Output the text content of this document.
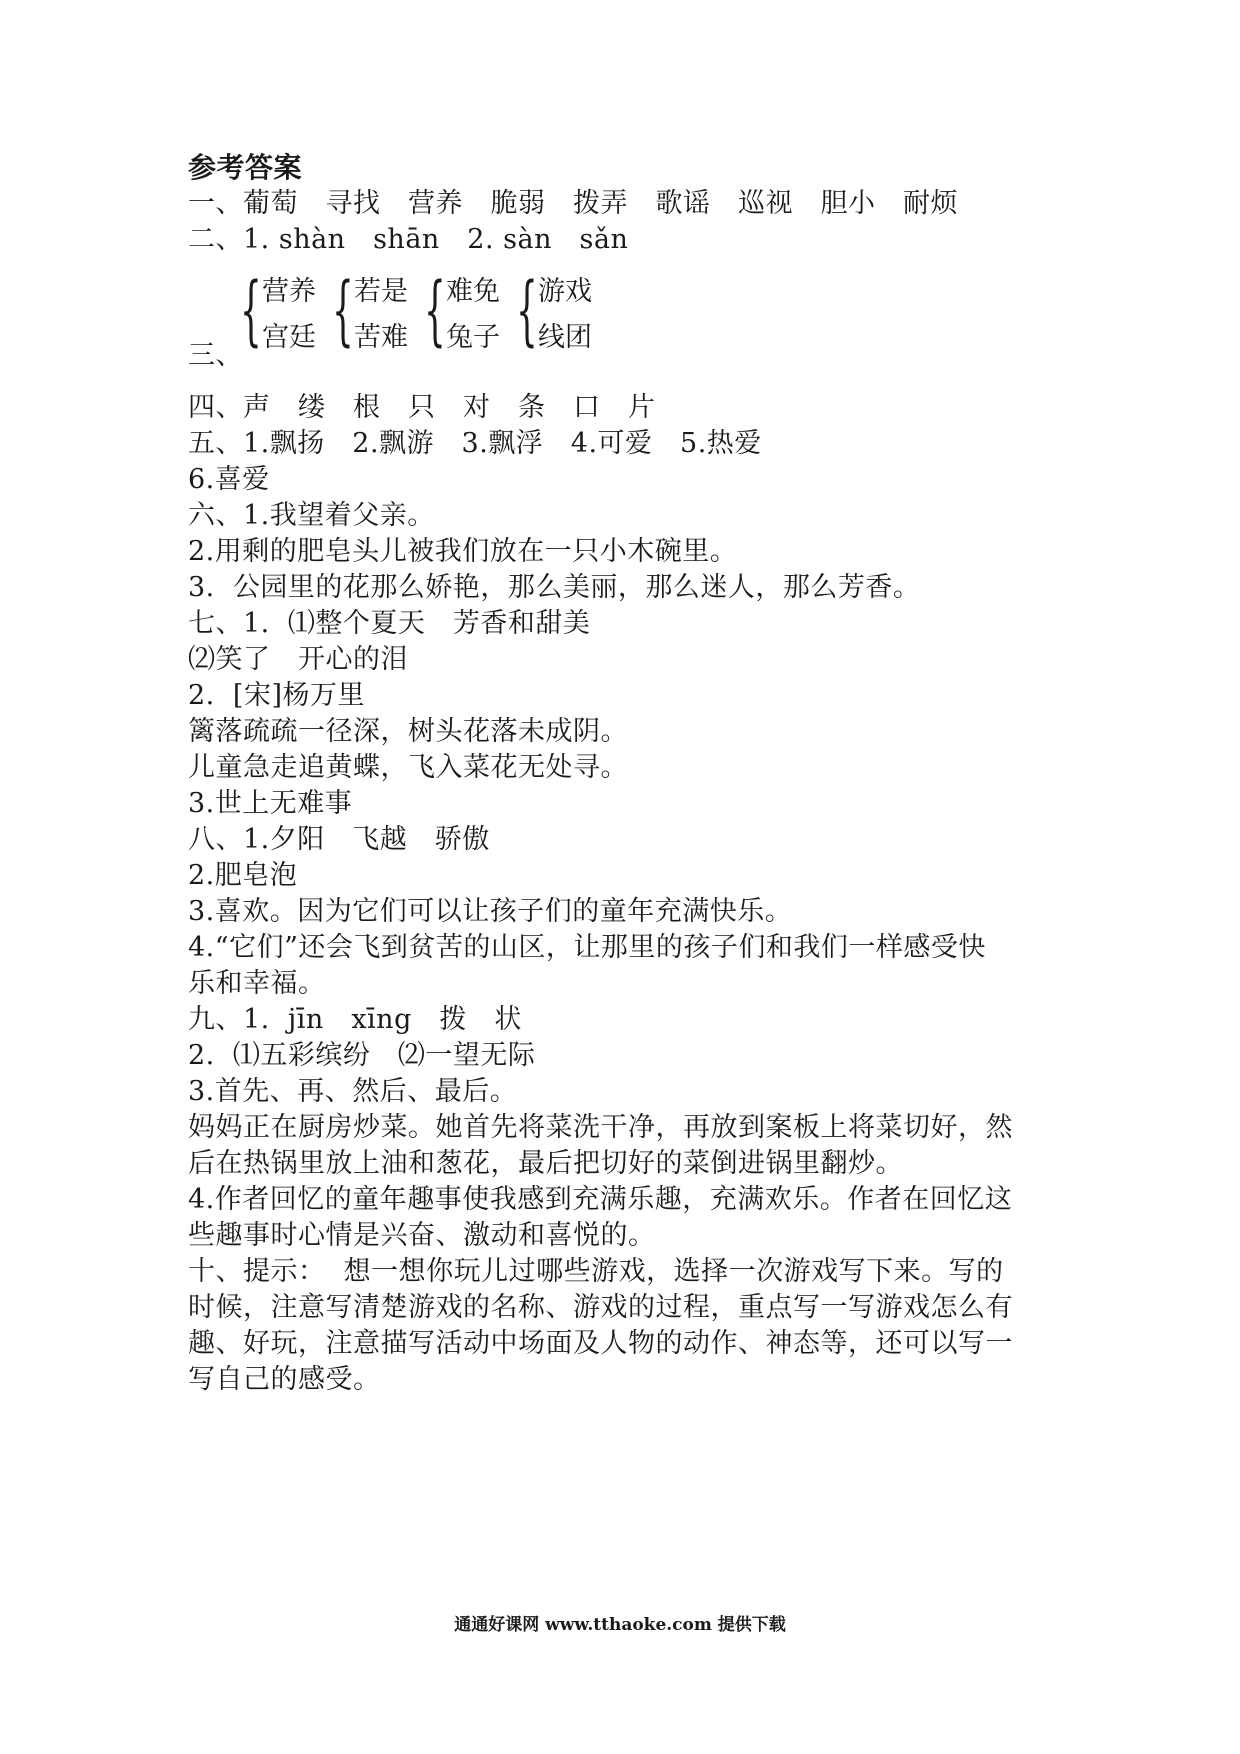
参考答案
一、葡萄　寻找　营养　脆弱　拨弄　歌谣　巡视　胆小　耐烦
二、1. shàn　shān　2. sàn　sǎn
{ 营养
宫廷 { 若是
苦难 { 难免
兔子 { 游戏
线团
三、
四、声　缕　根　只　对　条　口　片
五、1.飘扬　2.飘游　3.飘浮　4.可爱　5.热爱
6.喜爱
六、1.我望着父亲。
2.用剩的肥皂头儿被我们放在一只小木碗里。
3.  公园里的花那么娇艳，那么美丽，那么迷人，那么芳香。
七、1.  ⑴整个夏天　芳香和甜美
⑵笑了　开心的泪
2.  [宋]杨万里
篱落疏疏一径深，树头花落未成阴。
儿童急走追黄蝶，飞入菜花无处寻。
3.世上无难事
八、1.夕阳　飞越　骄傲
2.肥皂泡
3.喜欢。因为它们可以让孩子们的童年充满快乐。
4.“它们”还会飞到贫苦的山区，让那里的孩子们和我们一样感受快
乐和幸福。
九、1.  jīn　xīng　拨　状
2.  ⑴五彩缤纷　⑵一望无际
3.首先、再、然后、最后。
妈妈正在厨房炒菜。她首先将菜洗干净，再放到案板上将菜切好，然
后在热锅里放上油和葱花，最后把切好的菜倒进锅里翻炒。
4.作者回忆的童年趣事使我感到充满乐趣，充满欢乐。作者在回忆这
些趣事时心情是兴奋、激动和喜悦的。
十、提示：  想一想你玩儿过哪些游戏，选择一次游戏写下来。写的
时候，注意写清楚游戏的名称、游戏的过程，重点写一写游戏怎么有
趣、好玩，注意描写活动中场面及人物的动作、神态等，还可以写一
写自己的感受。
通通好课网 www.tthaoke.com 提供下载
